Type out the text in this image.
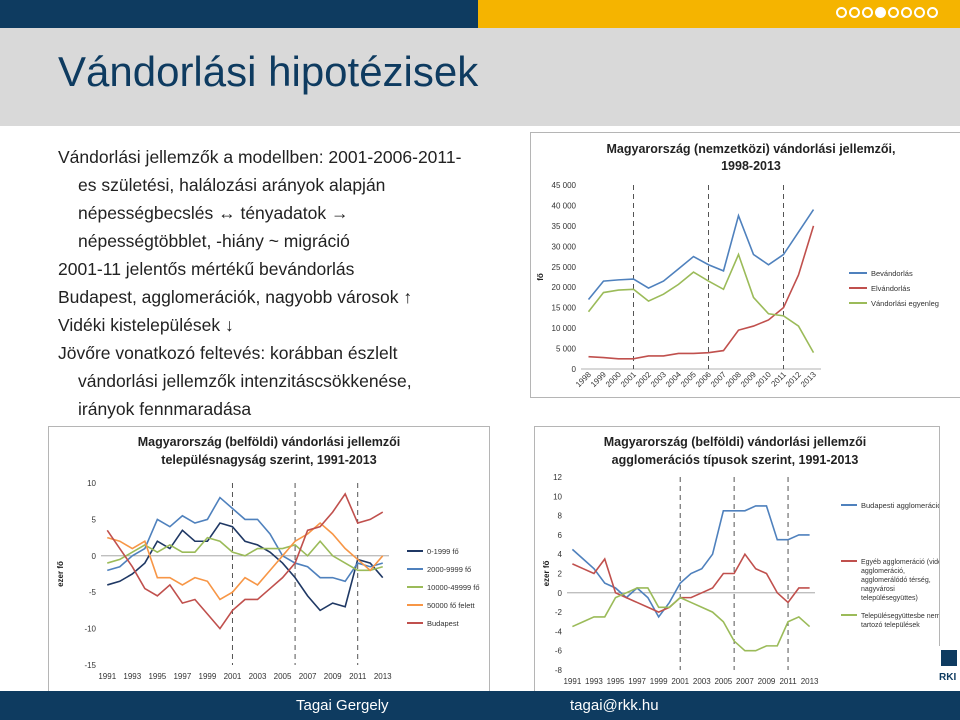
Vándorlási hipotézisek
Vándorlási jellemzők a modellben: 2001-2006-2011-
es születési, halálozási arányok alapján
népességbecslés ↔ tényadatok →
népességtöbblet, -hiány ~ migráció
2001-11 jelentős mértékű bevándorlás
Budapest, agglomerációk, nagyobb városok ↑
Vidéki kistelepülések ↓
Jövőre vonatkozó feltevés: korábban észlelt
vándorlási jellemzők intenzitáscsökkenése,
irányok fennmaradása
Magyarország (nemzetközi) vándorlási jellemzői,
1998-2013
0
5 000
10 000
15 000
20 000
25 000
30 000
35 000
40 000
45 000
1998
1999
2000
2001
2002
2003
2004
2005
2006
2007
2008
2009
2010
2011
2012
2013
fő	Bevándorlás
Elvándorlás
Vándorlási egyenleg
Magyarország (belföldi) vándorlási jellemzői
településnagyság szerint, 1991-2013
-15
-10
-5
0
5
10
1991 1993 1995 1997 1999 2001 2003 2005 2007 2009 2011 2013
ezer fő
0-1999 fő
2000-9999 fő
10000-49999 fő
50000 fő felett
Budapest
Magyarország (belföldi) vándorlási jellemzői
agglomerációs típusok szerint, 1991-2013
-8
-6
-4
-2
0
2
4
6
8
10
12
1991 1993 1995 1997 1999 2001 2003 2005 2007 2009 2011 2013
ezer fő
Budapesti agglomeráció
Egyéb agglomeráció (vidéki agglomeráció, agglomerálódó térség, nagyvárosi településegyüttes)
Településegyüttesbe nem tartozó települések
RKI
Tagai Gergely	tagai@rkk.hu
